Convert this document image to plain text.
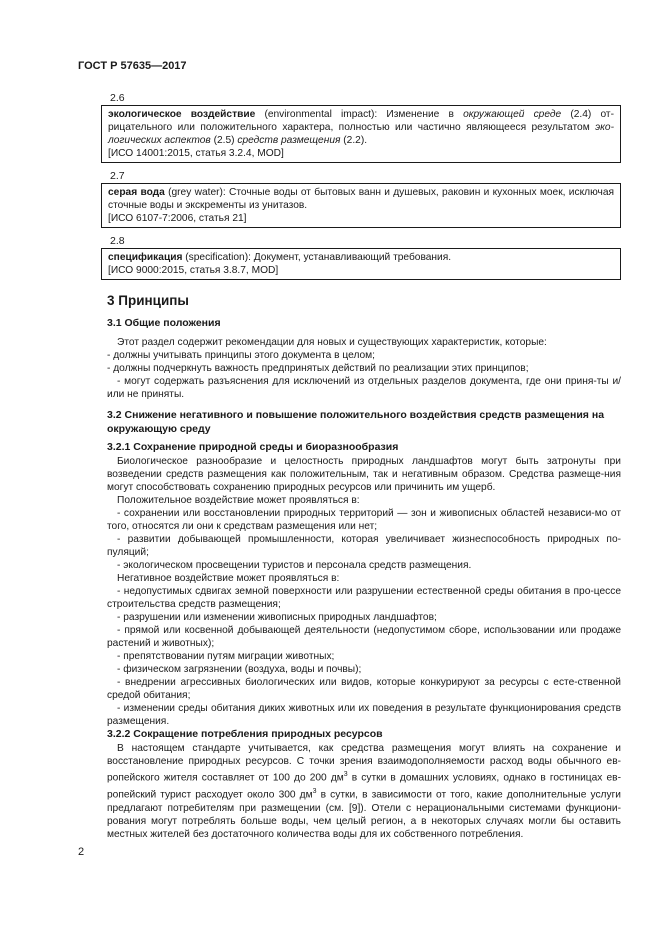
ГОСТ Р 57635—2017
2.6

экологическое воздействие (environmental impact): Изменение в окружающей среде (2.4) от- рицательного или положительного характера, полностью или частично являющееся результатом эко- логических аспектов (2.5) средств размещения (2.2).

[ИСО 14001:2015, статья 3.2.4, MOD]

2.7

серая вода (grey water): Сточные воды от бытовых ванн и душевых, раковин и кухонных моек, исключая сточные воды и экскременты из унитазов.

[ИСО 6107-7:2006, статья 21]

2.8

спецификация (specification): Документ, устанавливающий требования.

[ИСО 9000:2015, статья 3.8.7, MOD]

3 Принципы
3.1 Общие положения

Этот раздел содержит рекомендации для новых и существующих характеристик, которые:

- должны учитывать принципы этого документа в целом;

- должны подчеркнуть важность предпринятых действий по реализации этих принципов;

- могут содержать разъяснения для исключений из отдельных разделов документа, где они приня-ты и/или не приняты.

3.2 Снижение негативного и повышение положительного воздействия средств размещения на окружающую среду
3.2.1 Сохранение природной среды и биоразнообразия

Биологическое разнообразие и целостность природных ландшафтов могут быть затронуты при возведении средств размещения как положительным, так и негативным образом. Средства размеще-ния могут способствовать сохранению природных ресурсов или причинить им ущерб.

Положительное воздействие может проявляться в:

- сохранении или восстановлении природных территорий — зон и живописных областей независи-мо от того, относятся ли они к средствам размещения или нет;

- развитии добывающей промышленности, которая увеличивает жизнеспособность природных по-пуляций;

- экологическом просвещении туристов и персонала средств размещения.

Негативное воздействие может проявляться в:

- недопустимых сдвигах земной поверхности или разрушении естественной среды обитания в про-цессе строительства средств размещения;

- разрушении или изменении живописных природных ландшафтов;

- прямой или косвенной добывающей деятельности (недопустимом сборе, использовании или продаже растений и животных);

- препятствовании путям миграции животных;

- физическом загрязнении (воздуха, воды и почвы);

- внедрении агрессивных биологических или видов, которые конкурируют за ресурсы с есте-ственной средой обитания;

- изменении среды обитания диких животных или их поведения в результате функционирования средств размещения.

3.2.2 Сокращение потребления природных ресурсов

В настоящем стандарте учитывается, как средства размещения могут влиять на сохранение и восстановление природных ресурсов. С точки зрения взаимодополняемости расход воды обычного ев-ропейского жителя составляет от 100 до 200 $дм^3$ в сутки в домашних условиях, однако в гостиницах ев-ропейский турист расходует около 300 $дм^3$ в сутки, в зависимости от того, какие дополнительные услуги предлагают потребителям при размещении (см. [9]). Отели с нерациональными системами функциони-рования могут потреблять больше воды, чем целый регион, а в некоторых случаях могли бы оставить местных жителей без достаточного количества воды для их собственного потребления.

2
